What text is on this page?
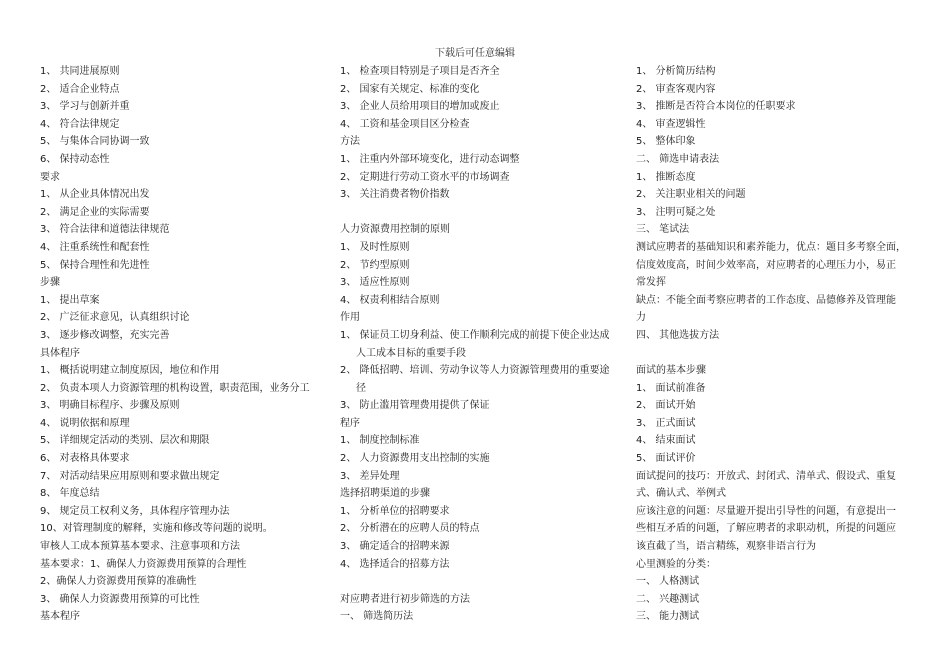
下载后可任意编辑
1、 共同进展原则
2、 适合企业特点
3、 学习与创新并重
4、 符合法律规定
5、 与集体合同协调一致
6、 保持动态性
要求
1、 从企业具体情况出发
2、 满足企业的实际需要
3、 符合法律和道德法律规范
4、 注重系统性和配套性
5、 保持合理性和先进性
步骤
1、 提出草案
2、 广泛征求意见，认真组织讨论
3、 逐步修改调整，充实完善
具体程序
1、 概括说明建立制度原因，地位和作用
2、 负责本项人力资源管理的机构设置，职责范围，业务分工
3、 明确目标程序、步骤及原则
4、 说明依据和原理
5、 详细规定活动的类别、层次和期限
6、 对表格具体要求
7、 对活动结果应用原则和要求做出规定
8、 年度总结
9、 规定员工权利义务，具体程序管理办法
10、对管理制度的解释，实施和修改等问题的说明。
审核人工成本预算基本要求、注意事项和方法
基本要求：1、确保人力资源费用预算的合理性
2、确保人力资源费用预算的准确性
3、 确保人力资源费用预算的可比性
基本程序
1、 检查项目特别是子项目是否齐全
2、 国家有关规定、标准的变化
3、 企业人员给用项目的增加或废止
4、 工资和基金项目区分检查
方法
1、 注重内外部环境变化，进行动态调整
2、 定期进行劳动工资水平的市场调查
3、 关注消费者物价指数
人力资源费用控制的原则
1、 及时性原则
2、 节约型原则
3、 适应性原则
4、 权责利相结合原则
作用
1、 保证员工切身利益、使工作顺利完成的前提下使企业达成
人工成本目标的重要手段
2、 降低招聘、培训、劳动争议等人力资源管理费用的重要途
径
3、 防止滥用管理费用提供了保证
程序
1、 制度控制标准
2、 人力资源费用支出控制的实施
3、 差异处理
选择招聘渠道的步骤
1、 分析单位的招聘要求
2、 分析潜在的应聘人员的特点
3、 确定适合的招聘来源
4、 选择适合的招募方法
对应聘者进行初步筛选的方法
一、 筛选简历法
1、 分析简历结构
2、 审查客观内容
3、 推断是否符合本岗位的任职要求
4、 审查逻辑性
5、 整体印象
二、 筛选申请表法
1、 推断态度
2、 关注职业相关的问题
3、 注明可疑之处
三、 笔试法
测试应聘者的基础知识和素养能力，优点：题目多考察全面，
信度效度高，时间少效率高，对应聘者的心理压力小，易正
常发挥
缺点：不能全面考察应聘者的工作态度、品德修养及管理能
力
四、 其他选拔方法
面试的基本步骤
1、 面试前准备
2、 面试开始
3、 正式面试
4、 结束面试
5、 面试评价
面试提问的技巧：开放式、封闭式、清单式、假设式、重复
式、确认式、举例式
应该注意的问题：尽量避开提出引导性的问题，有意提出一
些相互矛盾的问题，了解应聘者的求职动机，所提的问题应
该直截了当，语言精练，观察非语言行为
心里测验的分类：
一、 人格测试
二、 兴趣测试
三、 能力测试
